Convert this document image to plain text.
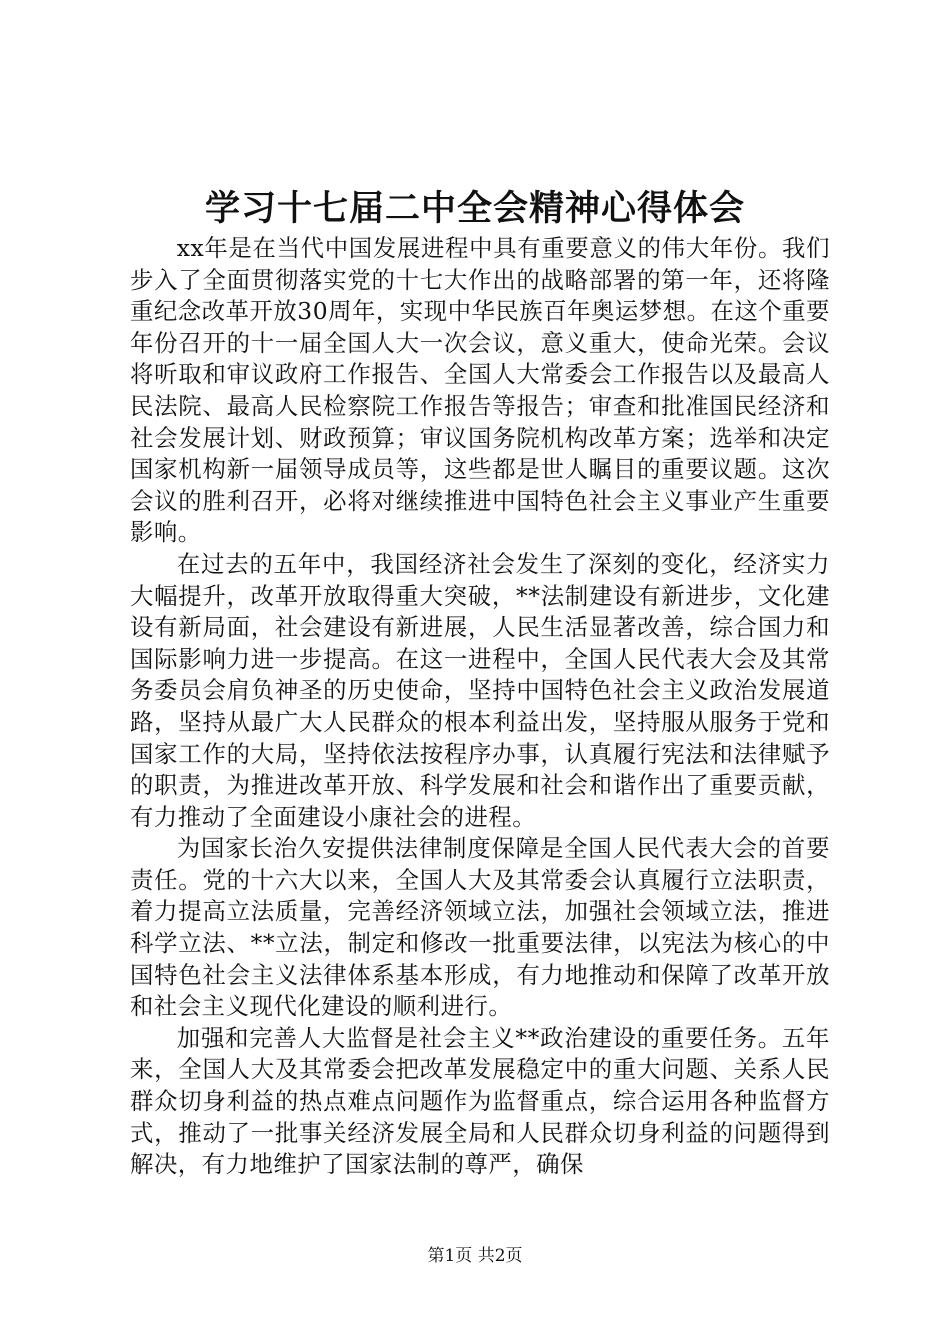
学习十七届二中全会精神心得体会

xx年是在当代中国发展进程中具有重要意义的伟大年份。我们步入了全面贯彻落实党的十七大作出的战略部署的第一年，还将隆重纪念改革开放30周年，实现中华民族百年奥运梦想。在这个重要年份召开的十一届全国人大一次会议，意义重大，使命光荣。会议将听取和审议政府工作报告、全国人大常委会工作报告以及最高人民法院、最高人民检察院工作报告等报告；审查和批准国民经济和社会发展计划、财政预算；审议国务院机构改革方案；选举和决定国家机构新一届领导成员等，这些都是世人瞩目的重要议题。这次会议的胜利召开，必将对继续推进中国特色社会主义事业产生重要影响。

在过去的五年中，我国经济社会发生了深刻的变化，经济实力大幅提升，改革开放取得重大突破，**法制建设有新进步，文化建设有新局面，社会建设有新进展，人民生活显著改善，综合国力和国际影响力进一步提高。在这一进程中，全国人民代表大会及其常务委员会肩负神圣的历史使命，坚持中国特色社会主义政治发展道路，坚持从最广大人民群众的根本利益出发，坚持服从服务于党和国家工作的大局，坚持依法按程序办事，认真履行宪法和法律赋予的职责，为推进改革开放、科学发展和社会和谐作出了重要贡献，有力推动了全面建设小康社会的进程。

为国家长治久安提供法律制度保障是全国人民代表大会的首要责任。党的十六大以来，全国人大及其常委会认真履行立法职责，着力提高立法质量，完善经济领域立法，加强社会领域立法，推进科学立法、**立法，制定和修改一批重要法律，以宪法为核心的中国特色社会主义法律体系基本形成，有力地推动和保障了改革开放和社会主义现代化建设的顺利进行。

加强和完善人大监督是社会主义**政治建设的重要任务。五年来，全国人大及其常委会把改革发展稳定中的重大问题、关系人民群众切身利益的热点难点问题作为监督重点，综合运用各种监督方式，推动了一批事关经济发展全局和人民群众切身利益的问题得到解决，有力地维护了国家法制的尊严，确保

第1页 共2页
